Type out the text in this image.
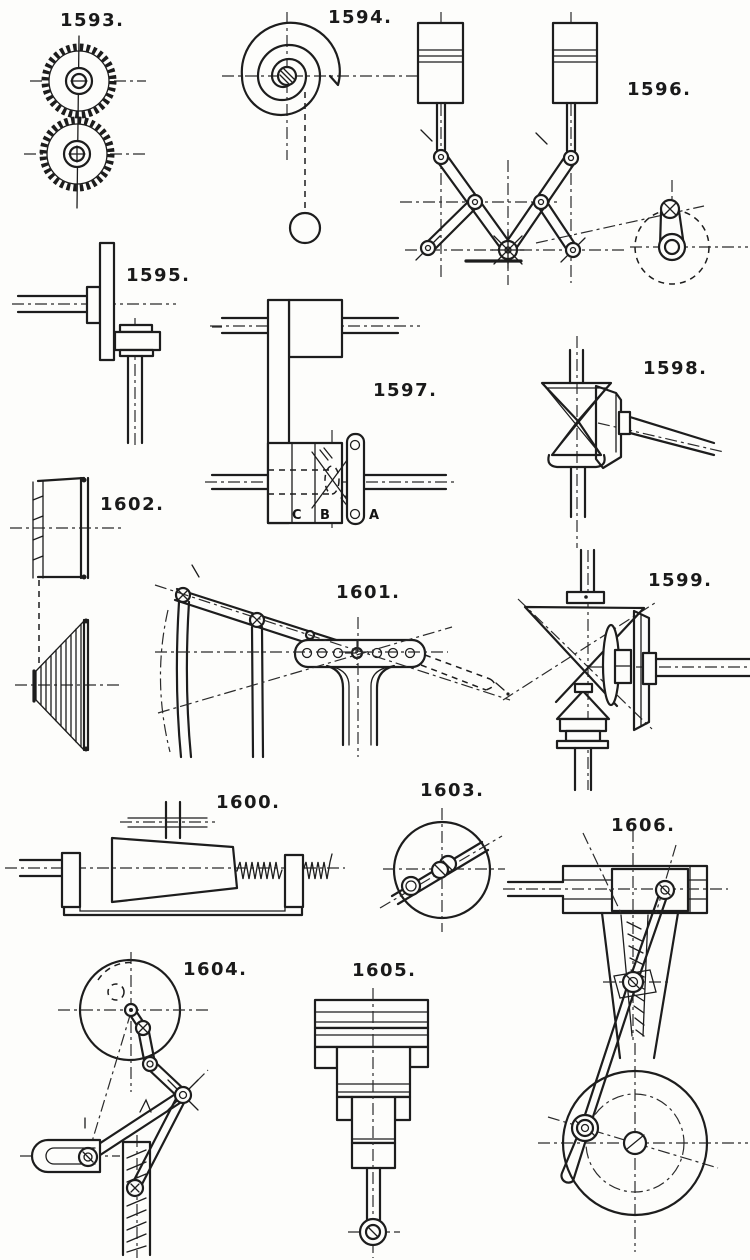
1593.	1594.
1595.
1596.
1597.
1598.
1599.
1600.
1601.
1602.
1603.
1604.	1605.
1606.
C B	A
